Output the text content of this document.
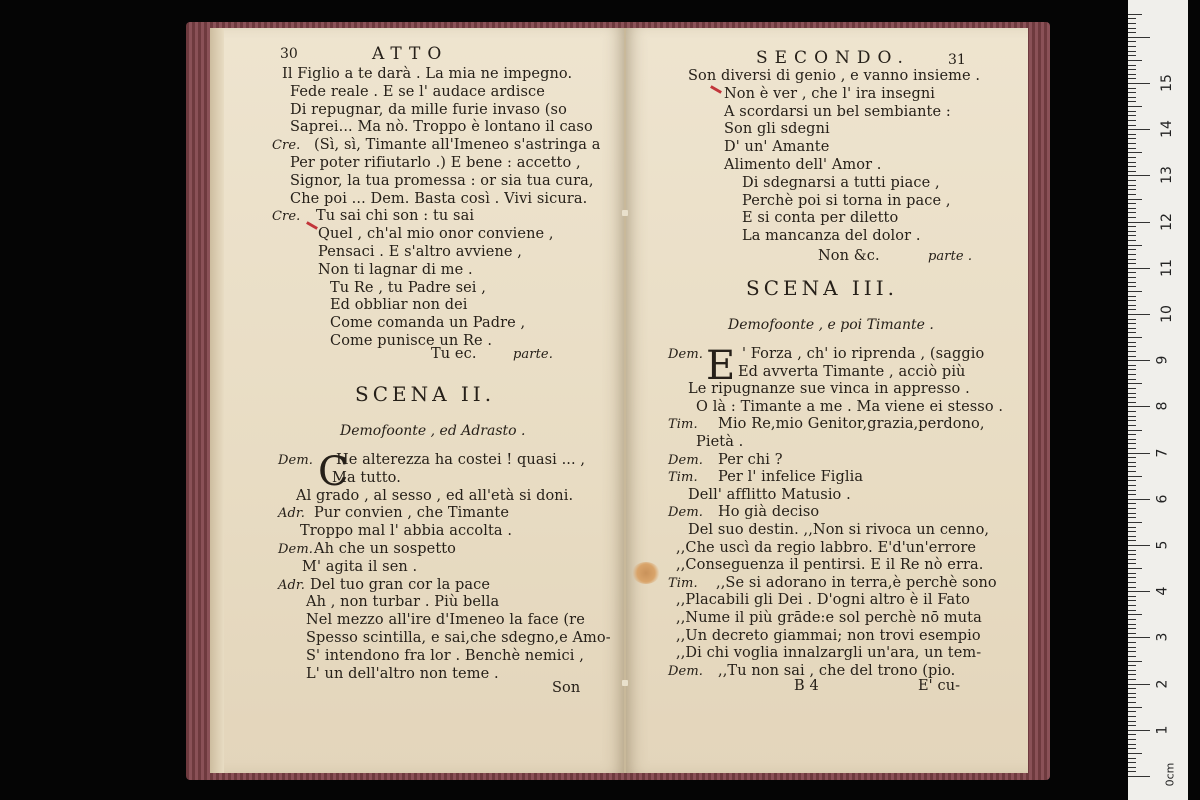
30	ATTO
Il Figlio a te darà . La mia ne impegno.
Fede reale . E se l' audace ardisce
Di repugnar, da mille furie invaso (so
Saprei... Ma nò. Troppo è lontano il caso
Cre. (Sì, sì, Timante all'Imeneo s'astringa a
Per poter rifiutarlo .) E bene : accetto ,
Signor, la tua promessa : or sia tua cura,
Che poi ... Dem. Basta così . Vivi sicura.
Cre. Tu sai chi son : tu sai
Quel , ch'al mio onor conviene ,
Pensaci . E s'altro avviene ,
Non ti lagnar di me .
Tu Re , tu Padre sei ,
Ed obbliar non dei
Come comanda un Padre ,
Come punisce un Re .
Tu ec.	parte.
SCENA II.
Demofoonte , ed Adrasto .
C
Dem. He alterezza ha costei ! quasi ... ,
Ma tutto.
Al grado , al sesso , ed all'età si doni.
Adr. Pur convien , che Timante
Troppo mal l' abbia accolta .
Dem. Ah che un sospetto
M' agita il sen .
Adr. Del tuo gran cor la pace
Ah , non turbar . Più bella
Nel mezzo all'ire d'Imeneo la face (re
Spesso scintilla, e sai,che sdegno,e Amo-
S' intendono fra lor . Benchè nemici ,
L' un dell'altro non teme .
Son
SECONDO.	31
Son diversi di genio , e vanno insieme .
Non è ver , che l' ira insegni
A scordarsi un bel sembiante :
Son gli sdegni
D' un' Amante
Alimento dell' Amor .
Di sdegnarsi a tutti piace ,
Perchè poi si torna in pace ,
E si conta per diletto
La mancanza del dolor .
Non &c.	parte .
SCENA III.
Demofoonte , e poi Timante .
E
Dem.	' Forza , ch' io riprenda , (saggio
Ed avverta Timante , acciò più
Le ripugnanze sue vinca in appresso .
O là : Timante a me . Ma viene ei stesso .
Tim. Mio Re,mio Genitor,grazia,perdono,
Pietà .
Dem. Per chi ?
Tim. Per l' infelice Figlia
Dell' afflitto Matusio .
Dem. Ho già deciso
Del suo destin. ,,Non si rivoca un cenno,
,,Che uscì da regio labbro. E'd'un'errore
,,Conseguenza il pentirsi. E il Re nò erra.
Tim. ,,Se si adorano in terra,è perchè sono
,,Placabili gli Dei . D'ogni altro è il Fato
,,Nume il più grāde:e sol perchè nō muta
,,Un decreto giammai; non trovi esempio
,,Di chi voglia innalzargli un'ara, un tem-
Dem. ,,Tu non sai , che del trono (pio.
B 4	E' cu-
1
2
3
4
5
6
7
8
9
10
11
12
13
14
15
0cm
